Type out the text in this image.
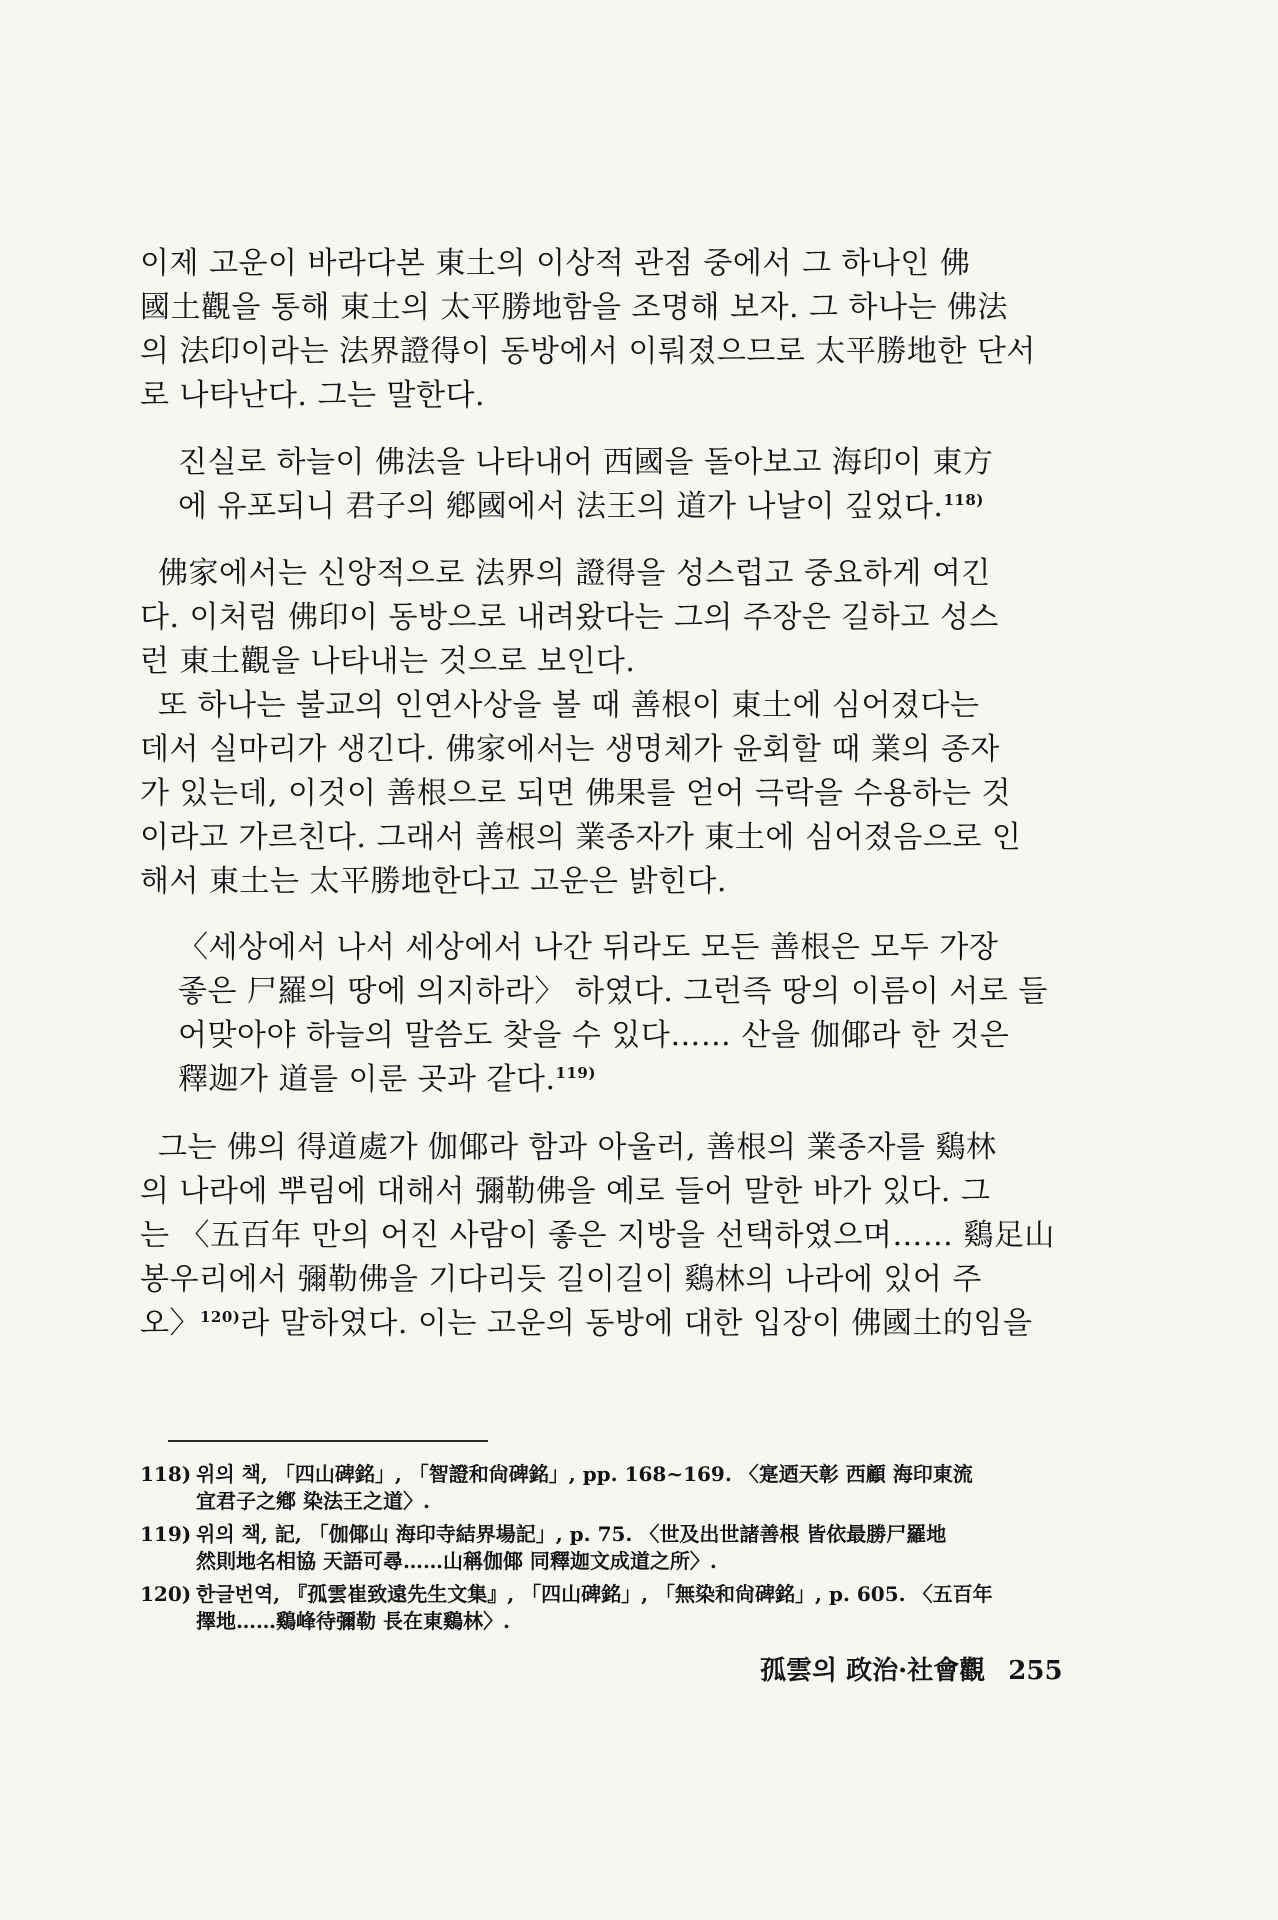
이제 고운이 바라다본 東土의 이상적 관점 중에서 그 하나인 佛
國土觀을 통해 東土의 太平勝地함을 조명해 보자. 그 하나는 佛法
의 法印이라는 法界證得이 동방에서 이뤄졌으므로 太平勝地한 단서
로 나타난다. 그는 말한다.
진실로 하늘이 佛法을 나타내어 西國을 돌아보고 海印이 東方
에 유포되니 君子의 鄕國에서 法王의 道가 나날이 깊었다.$^{118)}$
佛家에서는 신앙적으로 法界의 證得을 성스럽고 중요하게 여긴
다. 이처럼 佛印이 동방으로 내려왔다는 그의 주장은 길하고 성스
런 東土觀을 나타내는 것으로 보인다.
또 하나는 불교의 인연사상을 볼 때 善根이 東土에 심어졌다는
데서 실마리가 생긴다. 佛家에서는 생명체가 윤회할 때 業의 종자
가 있는데, 이것이 善根으로 되면 佛果를 얻어 극락을 수용하는 것
이라고 가르친다. 그래서 善根의 業종자가 東土에 심어졌음으로 인
해서 東土는 太平勝地한다고 고운은 밝힌다.
〈세상에서 나서 세상에서 나간 뒤라도 모든 善根은 모두 가장
좋은 尸羅의 땅에 의지하라〉 하였다. 그런즉 땅의 이름이 서로 들
어맞아야 하늘의 말씀도 찾을 수 있다…… 산을 伽倻라 한 것은
釋迦가 道를 이룬 곳과 같다.$^{119)}$
그는 佛의 得道處가 伽倻라 함과 아울러, 善根의 業종자를 鷄林
의 나라에 뿌림에 대해서 彌勒佛을 예로 들어 말한 바가 있다. 그
는 〈五百年 만의 어진 사람이 좋은 지방을 선택하였으며…… 鷄足山
봉우리에서 彌勒佛을 기다리듯 길이길이 鷄林의 나라에 있어 주
오〉$^{120)}$라 말하였다. 이는 고운의 동방에 대한 입장이 佛國土的임을
118) 위의 책, 「四山碑銘」, 「智證和尙碑銘」, pp. 168~169. 〈寔迺天彰 西顧 海印東流
宜君子之鄕 染法王之道〉.
119) 위의 책, 記, 「伽倻山 海印寺結界場記」, p. 75. 〈世及出世諸善根 皆依最勝尸羅地
然則地名相協 天語可尋……山稱伽倻 同釋迦文成道之所〉.
120) 한글번역, 『孤雲崔致遠先生文集』, 「四山碑銘」, 「無染和尙碑銘」, p. 605. 〈五百年
擇地……鷄峰待彌勒 長在東鷄林〉.
孤雲의 政治·社會觀 255
